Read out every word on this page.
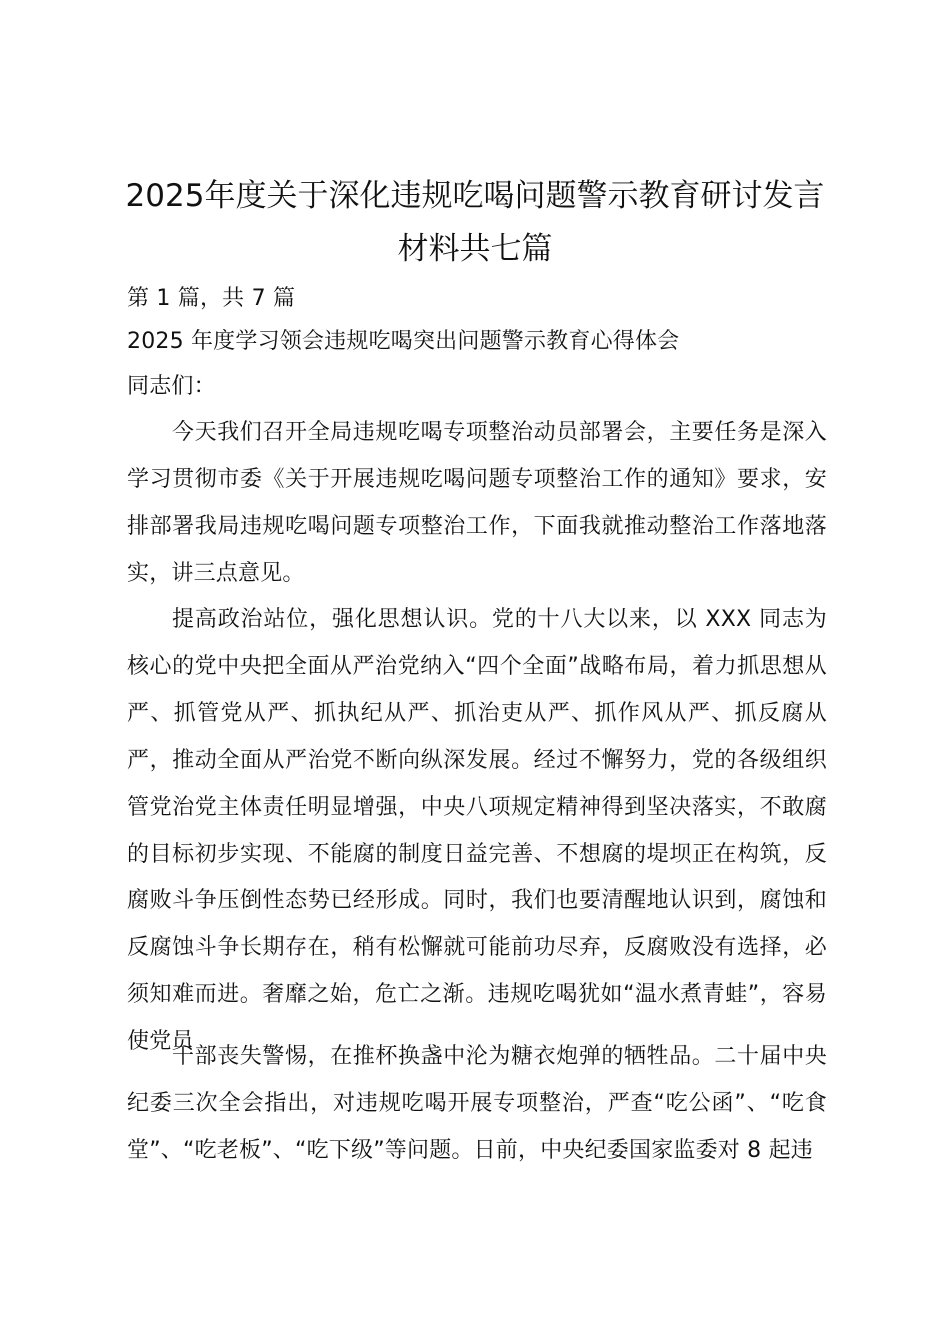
2025年度关于深化违规吃喝问题警示教育研讨发言材料共七篇
第 1 篇，共 7 篇
2025 年度学习领会违规吃喝突出问题警示教育心得体会
同志们：

今天我们召开全局违规吃喝专项整治动员部署会，主要任务是深入学习贯彻市委《关于开展违规吃喝问题专项整治工作的通知》要求，安排部署我局违规吃喝问题专项整治工作，下面我就推动整治工作落地落实，讲三点意见。

提高政治站位，强化思想认识。党的十八大以来，以 XXX 同志为核心的党中央把全面从严治党纳入“四个全面”战略布局，着力抓思想从严、抓管党从严、抓执纪从严、抓治吏从严、抓作风从严、抓反腐从严，推动全面从严治党不断向纵深发展。经过不懈努力，党的各级组织管党治党主体责任明显增强，中央八项规定精神得到坚决落实，不敢腐的目标初步实现、不能腐的制度日益完善、不想腐的堤坝正在构筑，反腐败斗争压倒性态势已经形成。同时，我们也要清醒地认识到，腐蚀和反腐蚀斗争长期存在，稍有松懈就可能前功尽弃，反腐败没有选择，必须知难而进。奢靡之始，危亡之渐。违规吃喝犹如“温水煮青蛙”，容易使党员

干部丧失警惕，在推杯换盏中沦为糖衣炮弹的牺牲品。二十届中央纪委三次全会指出，对违规吃喝开展专项整治，严查“吃公函”、“吃食堂”、“吃老板”、“吃下级”等问题。日前，中央纪委国家监委对 8 起违
